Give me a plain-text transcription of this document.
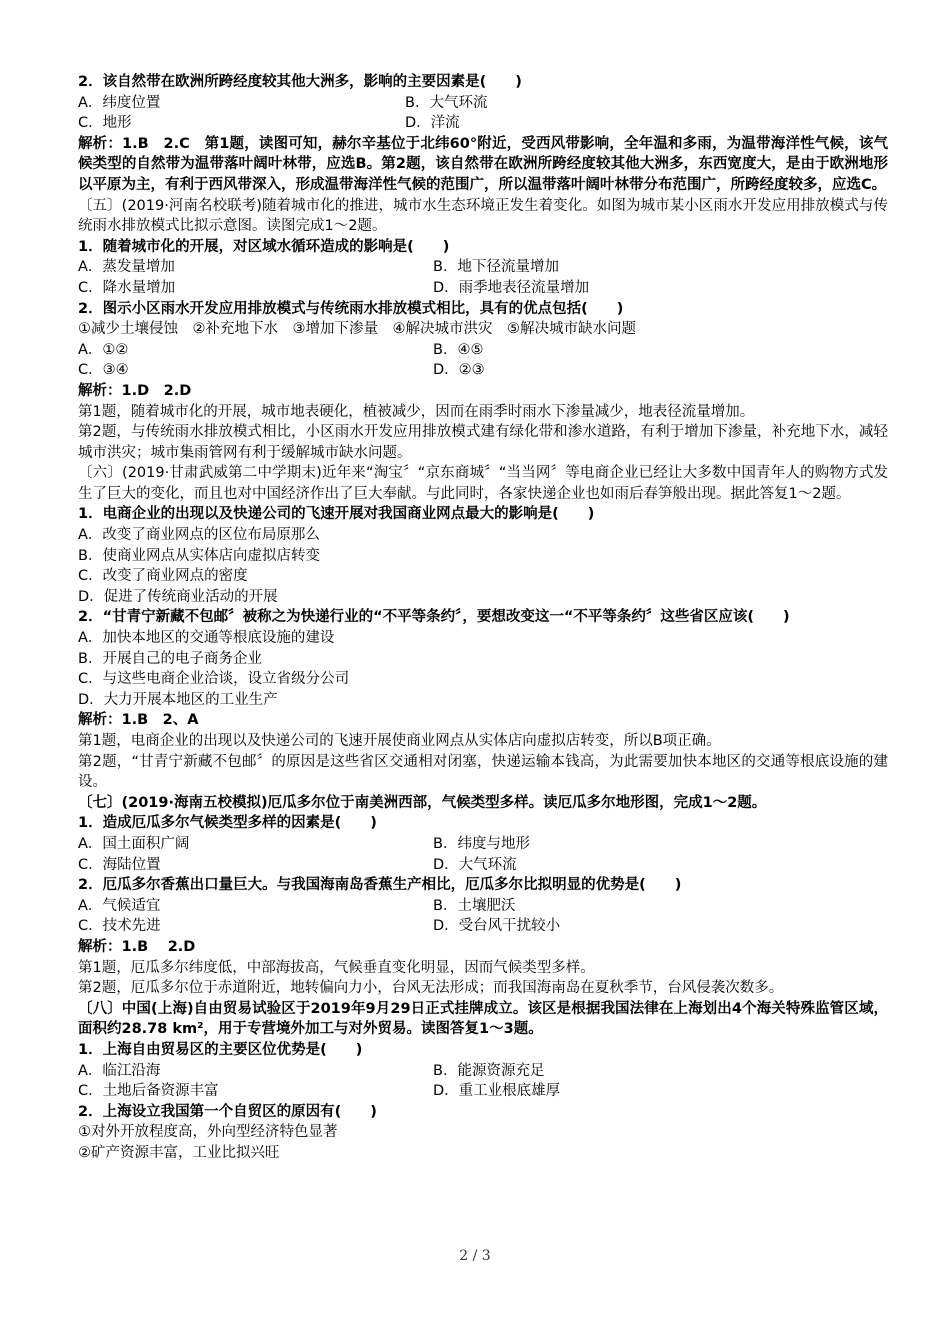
2．该自然带在欧洲所跨经度较其他大洲多，影响的主要因素是(　　)
A．纬度位置	B．大气环流
C．地形	D．洋流
解析：1.B　2.C　第1题，读图可知，赫尔辛基位于北纬60°附近，受西风带影响，全年温和多雨，为温带海洋性气候，该气候类型的自然带为温带落叶阔叶林带，应选B。第2题，该自然带在欧洲所跨经度较其他大洲多，东西宽度大，是由于欧洲地形以平原为主，有利于西风带深入，形成温带海洋性气候的范围广，所以温带落叶阔叶林带分布范围广，所跨经度较多，应选C。
〔五〕(2019·河南名校联考)随着城市化的推进，城市水生态环境正发生着变化。如图为城市某小区雨水开发应用排放模式与传统雨水排放模式比拟示意图。读图完成1～2题。
1．随着城市化的开展，对区域水循环造成的影响是(　　)
A．蒸发量增加	B．地下径流量增加
C．降水量增加	D．雨季地表径流量增加
2．图示小区雨水开发应用排放模式与传统雨水排放模式相比，具有的优点包括(　　)
①减少土壤侵蚀　②补充地下水　③增加下渗量　④解决城市洪灾　⑤解决城市缺水问题
A．①②	B．④⑤
C．③④	D．②③
解析：1.D　2.D
第1题，随着城市化的开展，城市地表硬化，植被减少，因而在雨季时雨水下渗量减少，地表径流量增加。
第2题，与传统雨水排放模式相比，小区雨水开发应用排放模式建有绿化带和渗水道路，有利于增加下渗量，补充地下水，减轻城市洪灾；城市集雨管网有利于缓解城市缺水问题。
〔六〕(2019·甘肃武威第二中学期末)近年来“淘宝〞“京东商城〞“当当网〞等电商企业已经让大多数中国青年人的购物方式发生了巨大的变化，而且也对中国经济作出了巨大奉献。与此同时，各家快递企业也如雨后春笋般出现。据此答复1～2题。
1．电商企业的出现以及快递公司的飞速开展对我国商业网点最大的影响是(　　)
A．改变了商业网点的区位布局原那么
B．使商业网点从实体店向虚拟店转变
C．改变了商业网点的密度
D．促进了传统商业活动的开展
2．“甘青宁新藏不包邮〞被称之为快递行业的“不平等条约〞，要想改变这一“不平等条约〞这些省区应该(　　)
A．加快本地区的交通等根底设施的建设
B．开展自己的电子商务企业
C．与这些电商企业洽谈，设立省级分公司
D．大力开展本地区的工业生产
解析：1.B　2、A
第1题，电商企业的出现以及快递公司的飞速开展使商业网点从实体店向虚拟店转变，所以B项正确。
第2题，“甘青宁新藏不包邮〞的原因是这些省区交通相对闭塞，快递运输本钱高，为此需要加快本地区的交通等根底设施的建设。
〔七〕(2019·海南五校模拟)厄瓜多尔位于南美洲西部，气候类型多样。读厄瓜多尔地形图，完成1～2题。
1．造成厄瓜多尔气候类型多样的因素是(　　)
A．国土面积广阔	B．纬度与地形
C．海陆位置	D．大气环流
2．厄瓜多尔香蕉出口量巨大。与我国海南岛香蕉生产相比，厄瓜多尔比拟明显的优势是(　　)
A．气候适宜	B．土壤肥沃
C．技术先进	D．受台风干扰较小
解析：1.B　 2.D
第1题，厄瓜多尔纬度低，中部海拔高，气候垂直变化明显，因而气候类型多样。
第2题，厄瓜多尔位于赤道附近，地转偏向力小，台风无法形成；而我国海南岛在夏秋季节，台风侵袭次数多。
〔八〕中国(上海)自由贸易试验区于2019年9月29日正式挂牌成立。该区是根据我国法律在上海划出4个海关特殊监管区域，面积约28.78 km²，用于专营境外加工与对外贸易。读图答复1～3题。
1．上海自由贸易区的主要区位优势是(　　)
A．临江沿海	B．能源资源充足
C．土地后备资源丰富	D．重工业根底雄厚
2．上海设立我国第一个自贸区的原因有(　　)
①对外开放程度高，外向型经济特色显著
②矿产资源丰富，工业比拟兴旺
2 / 3
